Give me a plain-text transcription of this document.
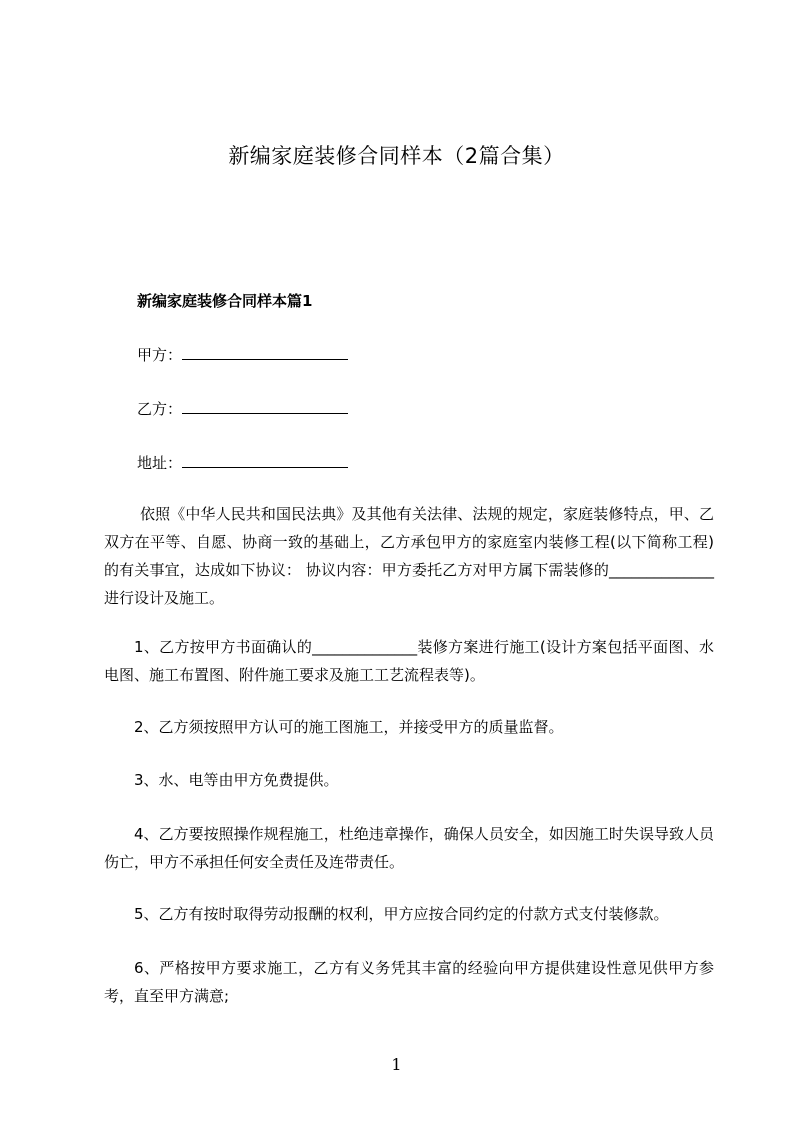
新编家庭装修合同样本（2篇合集）
新编家庭装修合同样本篇1
甲方：
乙方：
地址：

依照《中华人民共和国民法典》及其他有关法律、法规的规定，家庭装修特点，甲、乙双方在平等、自愿、协商一致的基础上，乙方承包甲方的家庭室内装修工程(以下简称工程)的有关事宜，达成如下协议： 协议内容：甲方委托乙方对甲方属下需装修的______________进行设计及施工。

1、乙方按甲方书面确认的______________装修方案进行施工(设计方案包括平面图、水电图、施工布置图、附件施工要求及施工工艺流程表等)。

2、乙方须按照甲方认可的施工图施工，并接受甲方的质量监督。

3、水、电等由甲方免费提供。

4、乙方要按照操作规程施工，杜绝违章操作，确保人员安全，如因施工时失误导致人员伤亡，甲方不承担任何安全责任及连带责任。

5、乙方有按时取得劳动报酬的权利，甲方应按合同约定的付款方式支付装修款。

6、严格按甲方要求施工，乙方有义务凭其丰富的经验向甲方提供建设性意见供甲方参考，直至甲方满意;

1
